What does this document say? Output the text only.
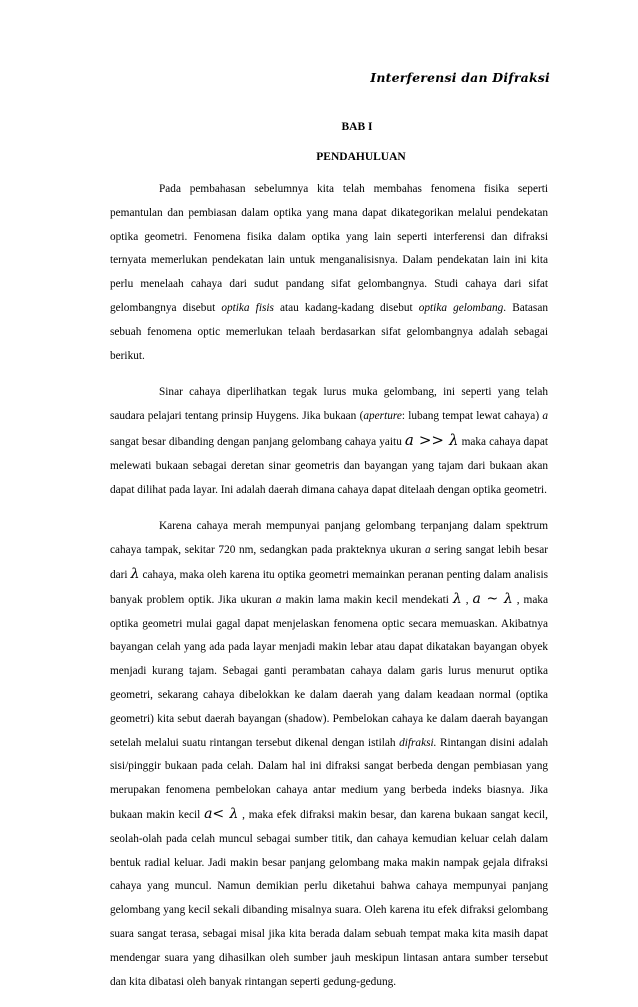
Interferensi dan Difraksi
BAB I
PENDAHULUAN

Pada pembahasan sebelumnya kita telah membahas fenomena fisika seperti pemantulan dan pembiasan dalam optika yang mana dapat dikategorikan melalui pendekatan optika geometri. Fenomena fisika dalam optika yang lain seperti interferensi dan difraksi ternyata memerlukan pendekatan lain untuk menganalisisnya. Dalam pendekatan lain ini kita perlu menelaah cahaya dari sudut pandang sifat gelombangnya. Studi cahaya dari sifat gelombangnya disebut optika fisis atau kadang-kadang disebut optika gelombang. Batasan sebuah fenomena optic memerlukan telaah berdasarkan sifat gelombangnya adalah sebagai berikut.

Sinar cahaya diperlihatkan tegak lurus muka gelombang, ini seperti yang telah saudara pelajari tentang prinsip Huygens. Jika bukaan (aperture: lubang tempat lewat cahaya) a sangat besar dibanding dengan panjang gelombang cahaya yaitu a >> λ maka cahaya dapat melewati bukaan sebagai deretan sinar geometris dan bayangan yang tajam dari bukaan akan dapat dilihat pada layar. Ini adalah daerah dimana cahaya dapat ditelaah dengan optika geometri.

Karena cahaya merah mempunyai panjang gelombang terpanjang dalam spektrum cahaya tampak, sekitar 720 nm, sedangkan pada prakteknya ukuran a sering sangat lebih besar dari λ cahaya, maka oleh karena itu optika geometri memainkan peranan penting dalam analisis banyak problem optik. Jika ukuran a makin lama makin kecil mendekati λ , a ~ λ , maka optika geometri mulai gagal dapat menjelaskan fenomena optic secara memuaskan. Akibatnya bayangan celah yang ada pada layar menjadi makin lebar atau dapat dikatakan bayangan obyek menjadi kurang tajam. Sebagai ganti perambatan cahaya dalam garis lurus menurut optika geometri, sekarang cahaya dibelokkan ke dalam daerah yang dalam keadaan normal (optika geometri) kita sebut daerah bayangan (shadow). Pembelokan cahaya ke dalam daerah bayangan setelah melalui suatu rintangan tersebut dikenal dengan istilah difraksi. Rintangan disini adalah sisi/pinggir bukaan pada celah. Dalam hal ini difraksi sangat berbeda dengan pembiasan yang merupakan fenomena pembelokan cahaya antar medium yang berbeda indeks biasnya. Jika bukaan makin kecil a< λ , maka efek difraksi makin besar, dan karena bukaan sangat kecil, seolah-olah pada celah muncul sebagai sumber titik, dan cahaya kemudian keluar celah dalam bentuk radial keluar. Jadi makin besar panjang gelombang maka makin nampak gejala difraksi cahaya yang muncul. Namun demikian perlu diketahui bahwa cahaya mempunyai panjang gelombang yang kecil sekali dibanding misalnya suara. Oleh karena itu efek difraksi gelombang suara sangat terasa, sebagai misal jika kita berada dalam sebuah tempat maka kita masih dapat mendengar suara yang dihasilkan oleh sumber jauh meskipun lintasan antara sumber tersebut dan kita dibatasi oleh banyak rintangan seperti gedung-gedung.
